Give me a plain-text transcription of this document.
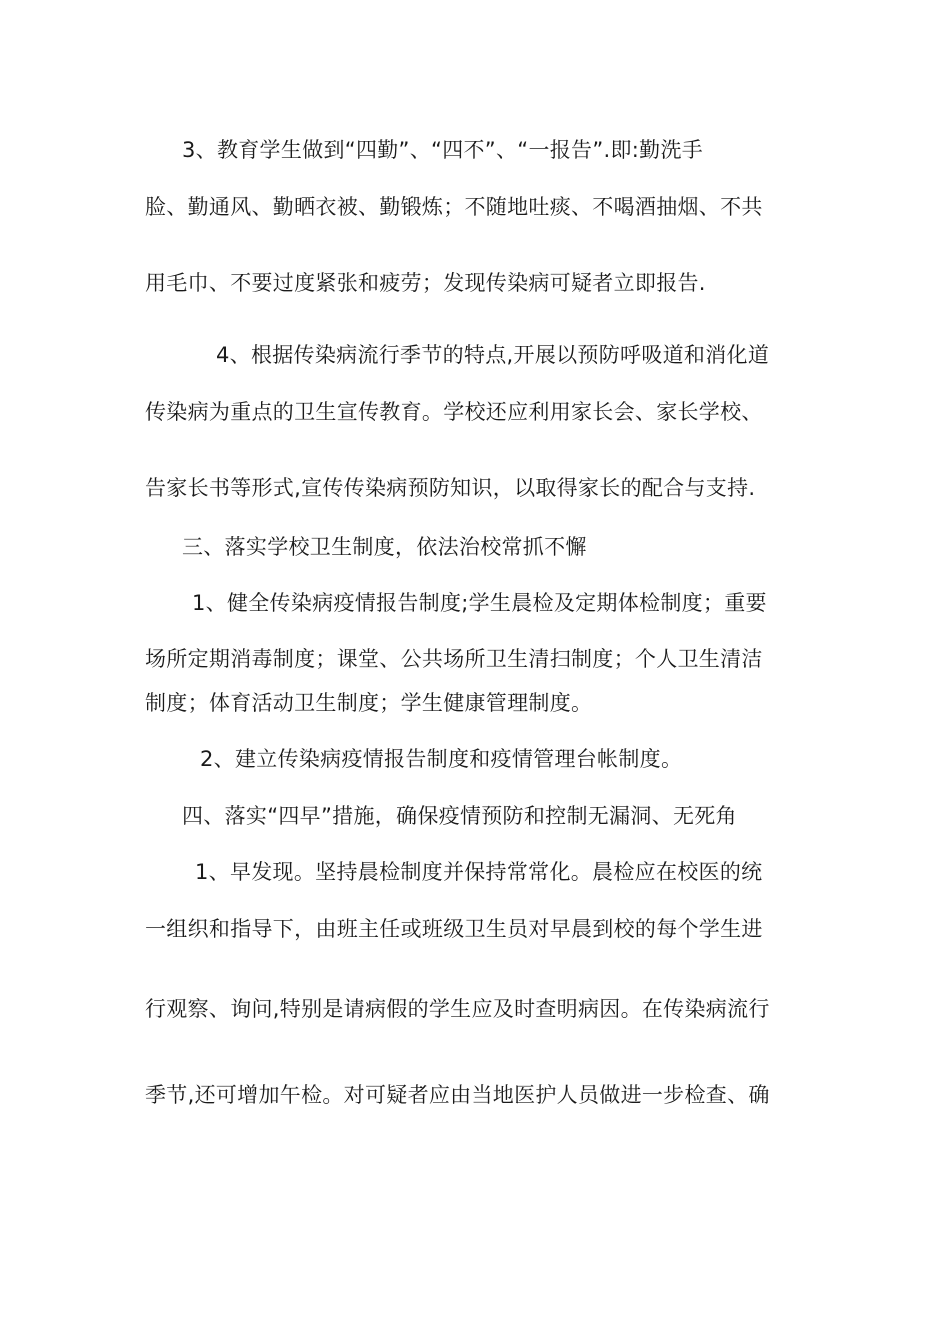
3、教育学生做到“四勤”、“四不”、“一报告”.即:勤洗手
脸、勤通风、勤晒衣被、勤锻炼；不随地吐痰、不喝酒抽烟、不共
用毛巾、不要过度紧张和疲劳；发现传染病可疑者立即报告.
4、根据传染病流行季节的特点,开展以预防呼吸道和消化道
传染病为重点的卫生宣传教育。学校还应利用家长会、家长学校、
告家长书等形式,宣传传染病预防知识，以取得家长的配合与支持.
三、落实学校卫生制度，依法治校常抓不懈
1、健全传染病疫情报告制度;学生晨检及定期体检制度；重要
场所定期消毒制度；课堂、公共场所卫生清扫制度；个人卫生清洁
制度；体育活动卫生制度；学生健康管理制度。
2、建立传染病疫情报告制度和疫情管理台帐制度。
四、落实“四早”措施，确保疫情预防和控制无漏洞、无死角
1、早发现。坚持晨检制度并保持常常化。晨检应在校医的统
一组织和指导下，由班主任或班级卫生员对早晨到校的每个学生进
行观察、询问,特别是请病假的学生应及时查明病因。在传染病流行
季节,还可增加午检。对可疑者应由当地医护人员做进一步检查、确
